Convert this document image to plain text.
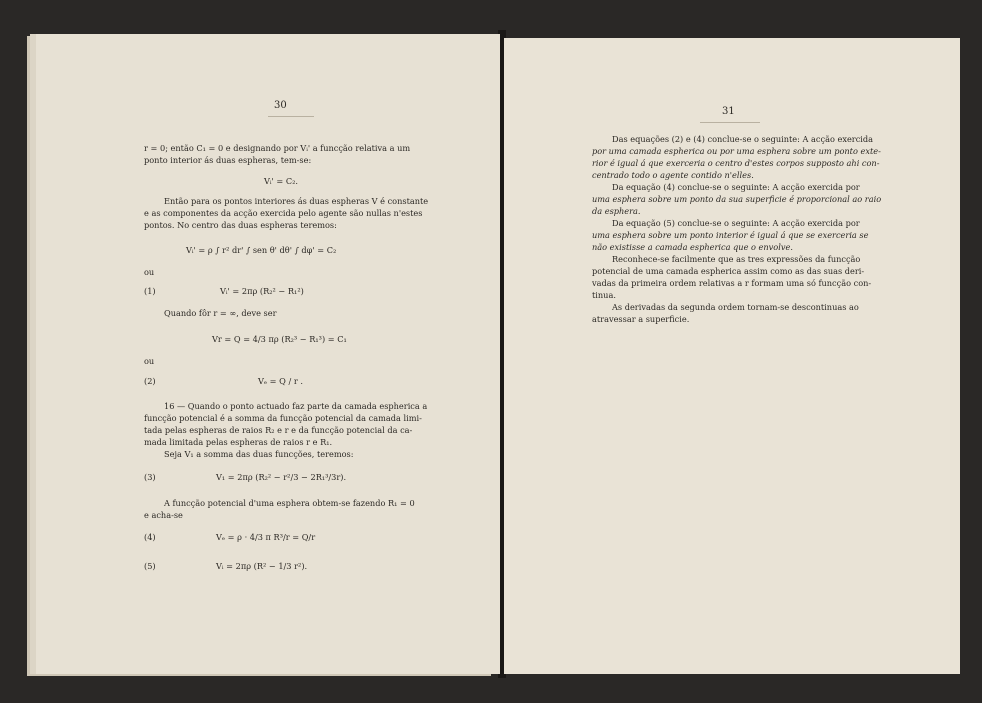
30
r = 0; então C₁ = 0 e designando por Vᵢ' a funcção relativa a um
ponto interior ás duas espheras, tem-se:
Vᵢ' = C₂.
Então para os pontos interiores ás duas espheras V é constante
e as componentes da acção exercida pelo agente são nullas n'estes
pontos. No centro das duas espheras teremos:
Vᵢ' = ρ ∫ r² dr' ∫ sen θ' dθ' ∫ dφ' = C₂
ou
(1)	Vᵢ' = 2πρ (R₂² − R₁²)
Quando fôr r = ∞, deve ser
Vr = Q = 4/3 πρ (R₂³ − R₁³) = C₁
ou
(2)	Vₑ = Q / r .
16 — Quando o ponto actuado faz parte da camada espherica a
funcção potencial é a somma da funcção potencial da camada limi-
tada pelas espheras de raios R₂ e r e da funcção potencial da ca-
mada limitada pelas espheras de raios r e R₁.
Seja V₁ a somma das duas funcções, teremos:
(3)	V₁ = 2πρ (R₂² − r²/3 − 2R₁³/3r).
A funcção potencial d'uma esphera obtem-se fazendo R₁ = 0
e acha-se
(4)	Vₑ = ρ · 4/3 π R³/r = Q/r
(5)	Vᵢ = 2πρ (R² − 1/3 r²).
31
Das equações (2) e (4) conclue-se o seguinte: A acção exercida
por uma camada espherica ou por uma esphera sobre um ponto exte-
rior é igual á que exerceria o centro d'estes corpos supposto ahi con-
centrado todo o agente contido n'elles.
Da equação (4) conclue-se o seguinte: A acção exercida por
uma esphera sobre um ponto da sua superficie é proporcional ao raio
da esphera.
Da equação (5) conclue-se o seguinte: A acção exercida por
uma esphera sobre um ponto interior é igual á que se exerceria se
não existisse a camada espherica que o envolve.
Reconhece-se facilmente que as tres expressões da funcção
potencial de uma camada espherica assim como as das suas deri-
vadas da primeira ordem relativas a r formam uma só funcção con-
tinua.
As derivadas da segunda ordem tornam-se descontinuas ao
atravessar a superficie.
